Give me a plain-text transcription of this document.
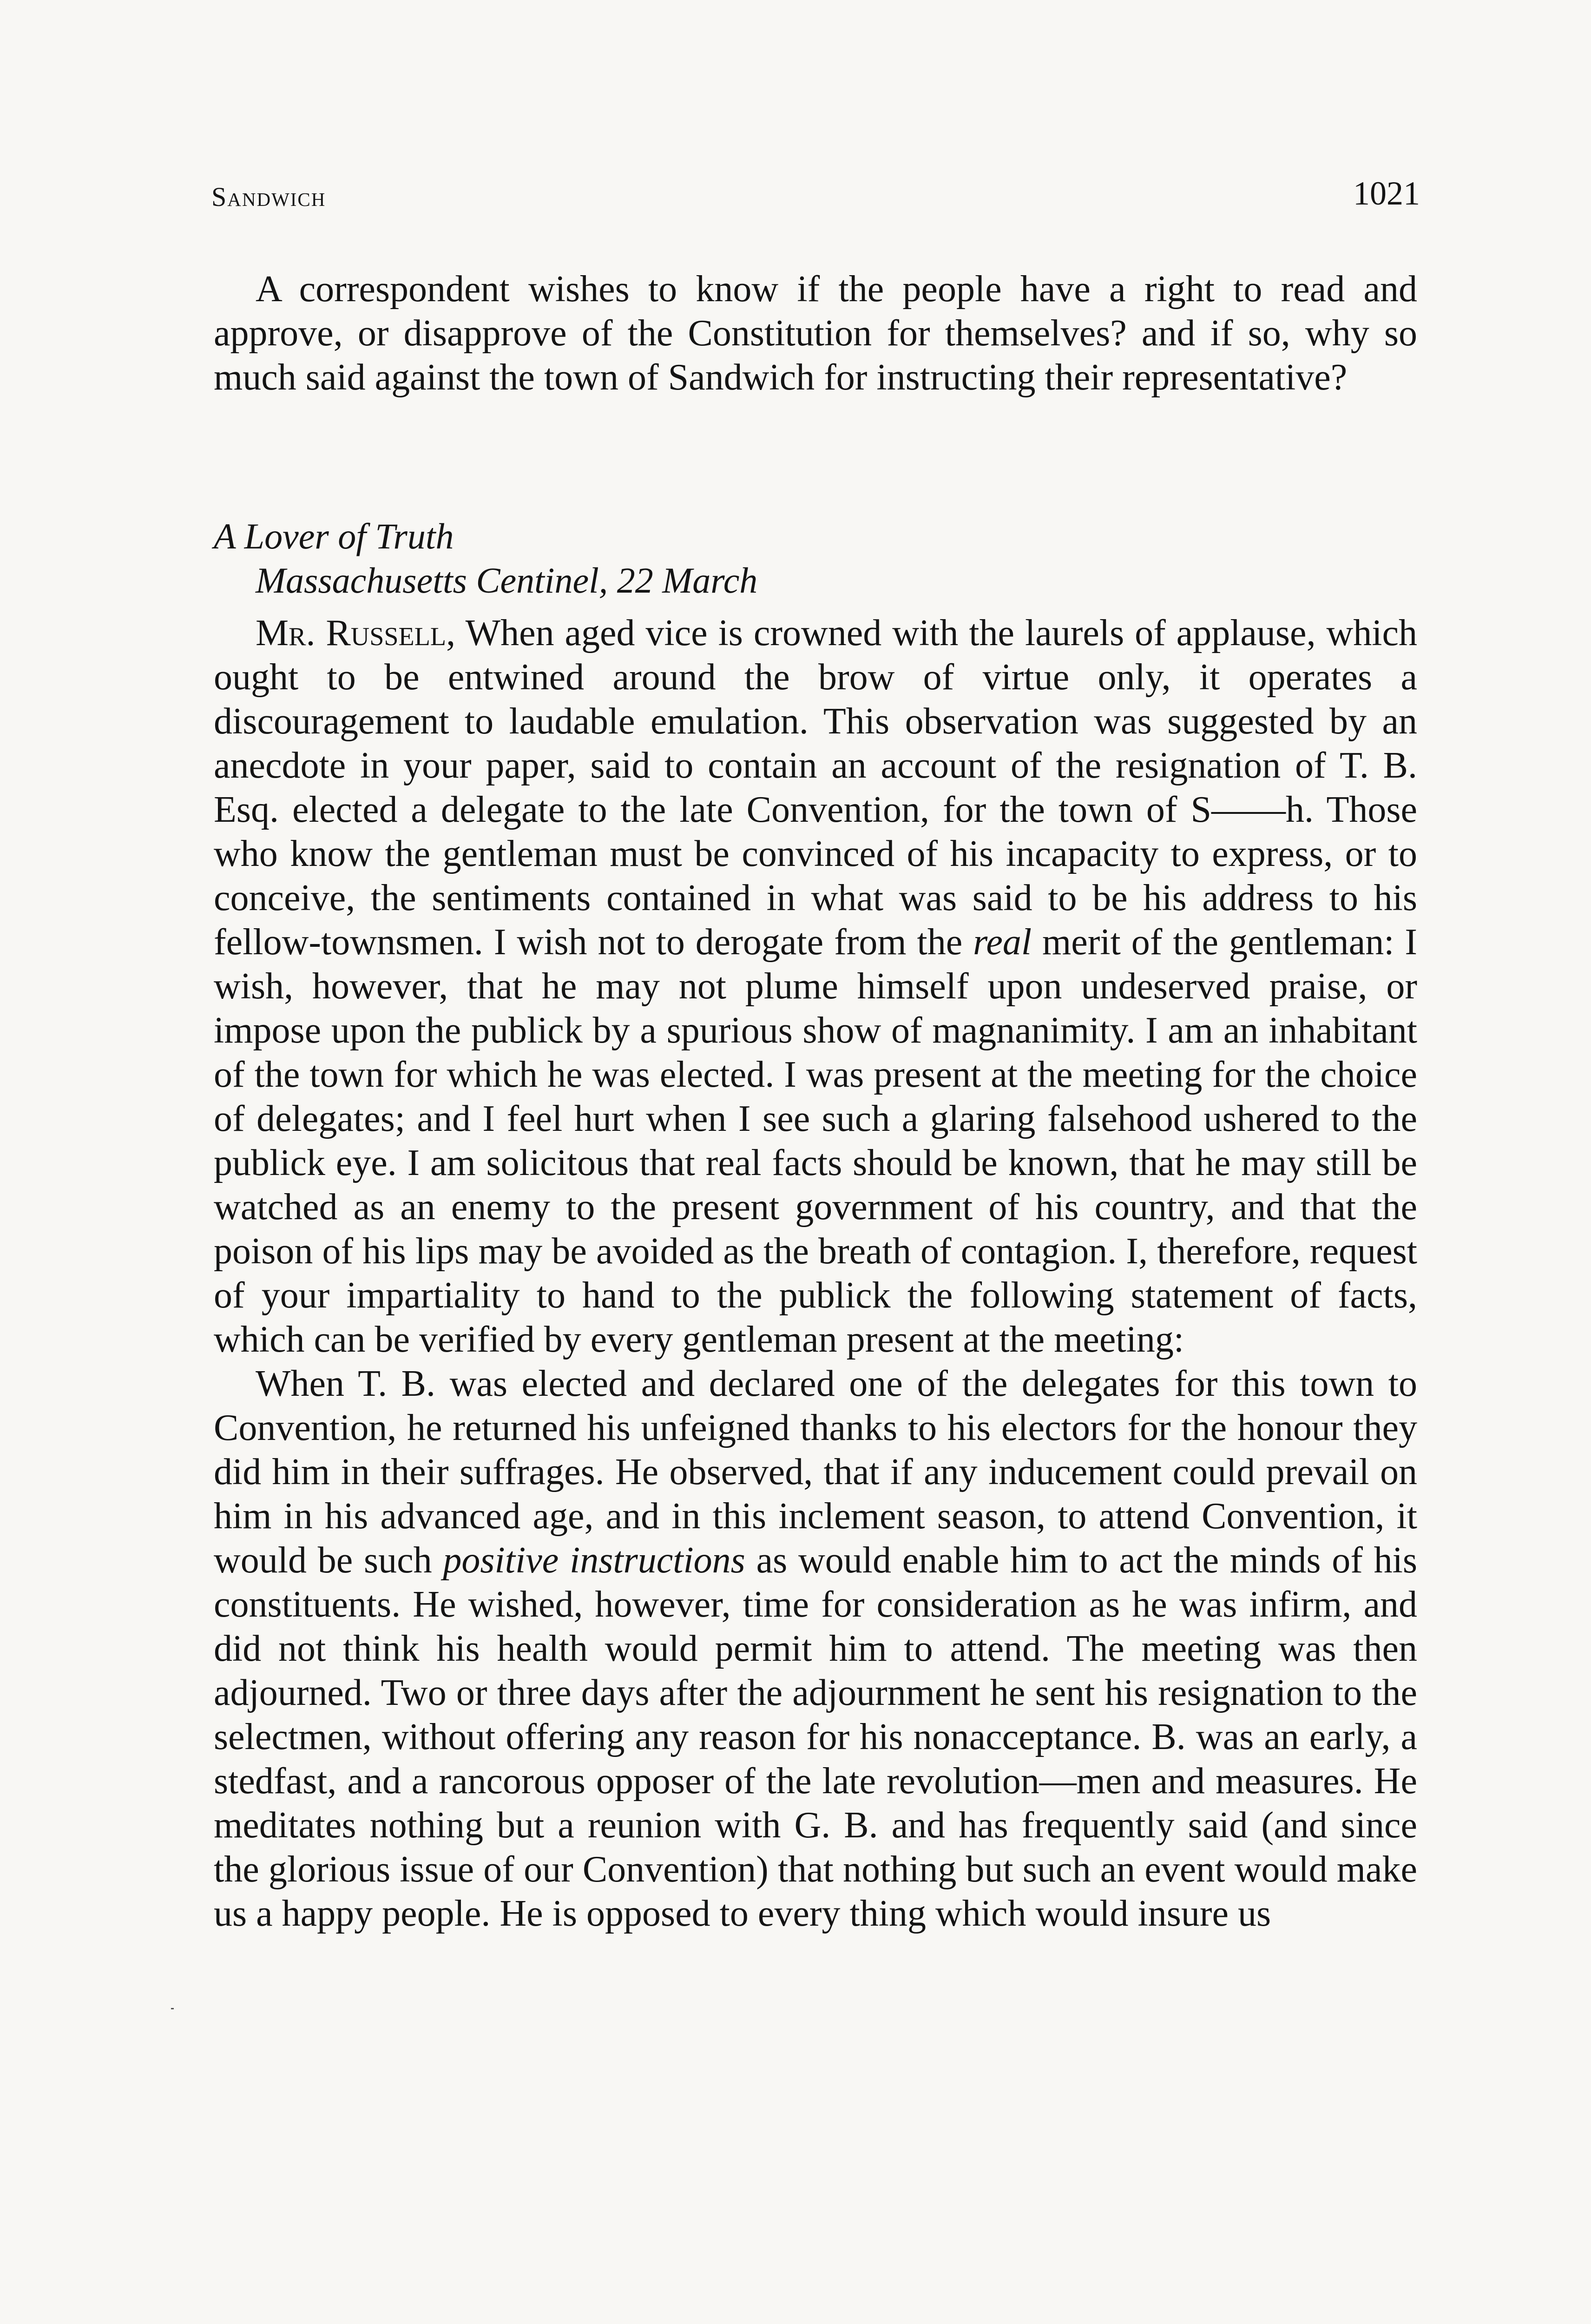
Sandwich	1021

A correspondent wishes to know if the people have a right to read and approve, or disapprove of the Constitution for themselves? and if so, why so much said against the town of Sandwich for instructing their representative?

A Lover of Truth
Massachusetts Centinel, 22 March

Mr. Russell, When aged vice is crowned with the laurels of applause, which ought to be entwined around the brow of virtue only, it operates a discouragement to laudable emulation. This observation was suggested by an anecdote in your paper, said to contain an account of the resignation of T. B. Esq. elected a delegate to the late Convention, for the town of S——h. Those who know the gentleman must be convinced of his incapacity to express, or to conceive, the sentiments contained in what was said to be his address to his fellow-townsmen. I wish not to derogate from the real merit of the gentleman: I wish, however, that he may not plume himself upon undeserved praise, or impose upon the publick by a spurious show of magnanimity. I am an inhabitant of the town for which he was elected. I was present at the meeting for the choice of delegates; and I feel hurt when I see such a glaring falsehood ushered to the publick eye. I am solicitous that real facts should be known, that he may still be watched as an enemy to the present government of his country, and that the poison of his lips may be avoided as the breath of contagion. I, therefore, request of your impartiality to hand to the publick the following statement of facts, which can be verified by every gentleman present at the meeting:

When T. B. was elected and declared one of the delegates for this town to Convention, he returned his unfeigned thanks to his electors for the honour they did him in their suffrages. He observed, that if any inducement could prevail on him in his advanced age, and in this inclement season, to attend Convention, it would be such positive instructions as would enable him to act the minds of his constituents. He wished, however, time for consideration as he was infirm, and did not think his health would permit him to attend. The meeting was then adjourned. Two or three days after the adjournment he sent his resignation to the selectmen, without offering any reason for his nonacceptance. B. was an early, a stedfast, and a rancorous opposer of the late revolution—men and measures. He meditates nothing but a reunion with G. B. and has frequently said (and since the glorious issue of our Convention) that nothing but such an event would make us a happy people. He is opposed to every thing which would insure us
